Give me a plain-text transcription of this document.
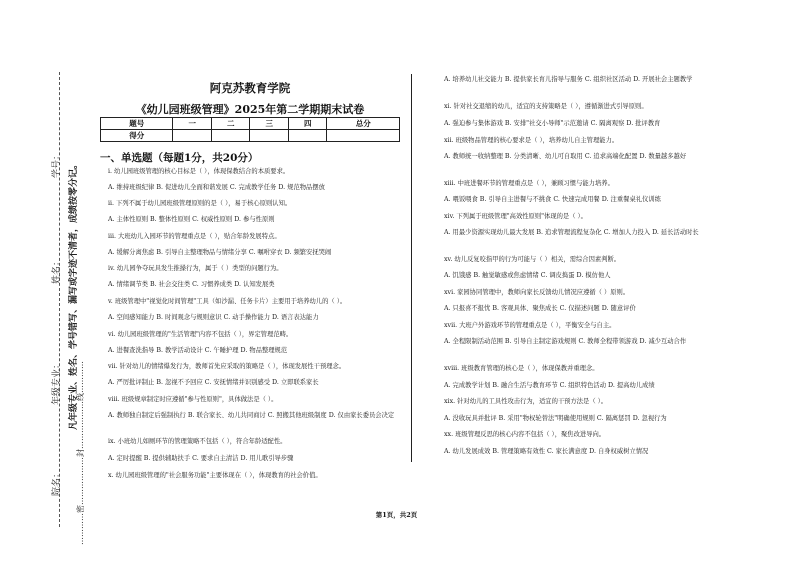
学号：
姓名：
年级专业：
院名：
凡年级专业、姓名、学号错写、漏写或字迹不清者，成绩按零分记。
…………密………………封………………线…………
阿克苏教育学院
《幼儿园班级管理》2025年第二学期期末试卷
题号	一	二	三	四	总分
得分					
一、单选题（每题1分，共20分）
i. 幼儿园班级管理的核心目标是（ ），体现保教结合的本质要求。
A. 维持班级纪律 B. 促进幼儿全面和谐发展 C. 完成教学任务 D. 规范物品摆放
ii. 下列不属于幼儿园班级管理原则的是（ ），易于核心原则认知。
A. 主体性原则 B. 整体性原则 C. 权威性原则 D. 参与性原则
iii. 大班幼儿入园环节的管理重点是（ ），贴合年龄发展特点。
A. 缓解分离焦虑 B. 引导自主整理物品与情绪分享 C. 嘱咐穿衣 D. 频繁安抚哭闹
iv. 幼儿园争夺玩具发生推搡行为，属于（ ）类型的问题行为。
A. 情绪调节类 B. 社会交往类 C. 习惯养成类 D. 认知发展类
v. 班级管理中"视觉化时间管理"工具（如沙漏、任务卡片）主要用于培养幼儿的（ ）。
A. 空间感知能力 B. 时间观念与规则意识 C. 动手操作能力 D. 语言表达能力
vi. 幼儿园班级管理的"生活管理"内容不包括（ ），界定管理范畴。
A. 进餐查洗指导 B. 教学活动设计 C. 午睡护理 D. 物品整理规范
vii. 针对幼儿的情绪爆发行为，教师首先应采取的策略是（ ），体现发展性干预理念。
A. 严厉批评制止 B. 忽视不予回应 C. 安抚情绪并识别感受 D. 立即联系家长
viii. 班级规章制定时应遵循"参与性原则"，具体做法是（ ）。
A. 教师独自制定后强制执行 B. 联合家长、幼儿共同商讨 C. 照搬其他班级制度 D. 仅由家长委员会决定
ix. 小班幼儿如厕环节的管理策略不包括（ ），符合年龄适配性。
A. 定时提醒 B. 提供辅助扶手 C. 要求自主清洁 D. 用儿歌引导步骤
x. 幼儿园班级管理的"社会服务功能"主要体现在（ ），体现教育的社会价值。
A. 培养幼儿社交能力 B. 提供家长育儿指导与服务 C. 组织社区活动 D. 开展社会主题教学
xi. 针对社交退缩的幼儿，适宜的支持策略是（ ），遵循渐进式引导原则。
A. 强迫参与集体游戏 B. 安排"社交小导师"示范邀请 C. 隔离观察 D. 批评教育
xii. 班级物品管理的核心要求是（ ），培养幼儿自主管理能力。
A. 教师统一收纳整理 B. 分类清晰、幼儿可自取用 C. 追求高端化配置 D. 数量越多越好
xiii. 中班进餐环节的管理重点是（ ），兼顾习惯与能力培养。
A. 喂饭喂食 B. 引导自主进餐与不挑食 C. 快速完成用餐 D. 注重餐桌礼仪训练
xiv. 下列属于班级管理"高效性原则"体现的是（ ）。
A. 用最少资源实现幼儿最大发展 B. 追求管理流程复杂化 C. 增加人力投入 D. 延长活动时长
xv. 幼儿反复咬指甲的行为可能与（ ）相关，需综合因素判断。
A. 饥饿感 B. 触觉敏感或焦虑情绪 C. 调皮捣蛋 D. 模仿他人
xvi. 家园协同管理中，教师向家长反馈幼儿情况应遵循（ ）原则。
A. 只报喜不报忧 B. 客观具体、聚焦成长 C. 仅描述问题 D. 随意评价
xvii. 大班户外游戏环节的管理重点是（ ），平衡安全与自主。
A. 全程限制活动范围 B. 引导自主制定游戏规则 C. 教师全程带领游戏 D. 减少互动合作
xviii. 班级教育管理的核心是（ ），体现保教并重理念。
A. 完成教学计划 B. 融合生活与教育环节 C. 组织特色活动 D. 提高幼儿成绩
xix. 针对幼儿的工具性攻击行为，适宜的干预方法是（ ）。
A. 没收玩具并批评 B. 采用"物权轮替法"明确使用规则 C. 隔离惩罚 D. 忽视行为
xx. 班级管理反思的核心内容不包括（ ），聚焦改进导向。
A. 幼儿发展成效 B. 管理策略有效性 C. 家长满意度 D. 自身权威树立情况
第1页，共2页
